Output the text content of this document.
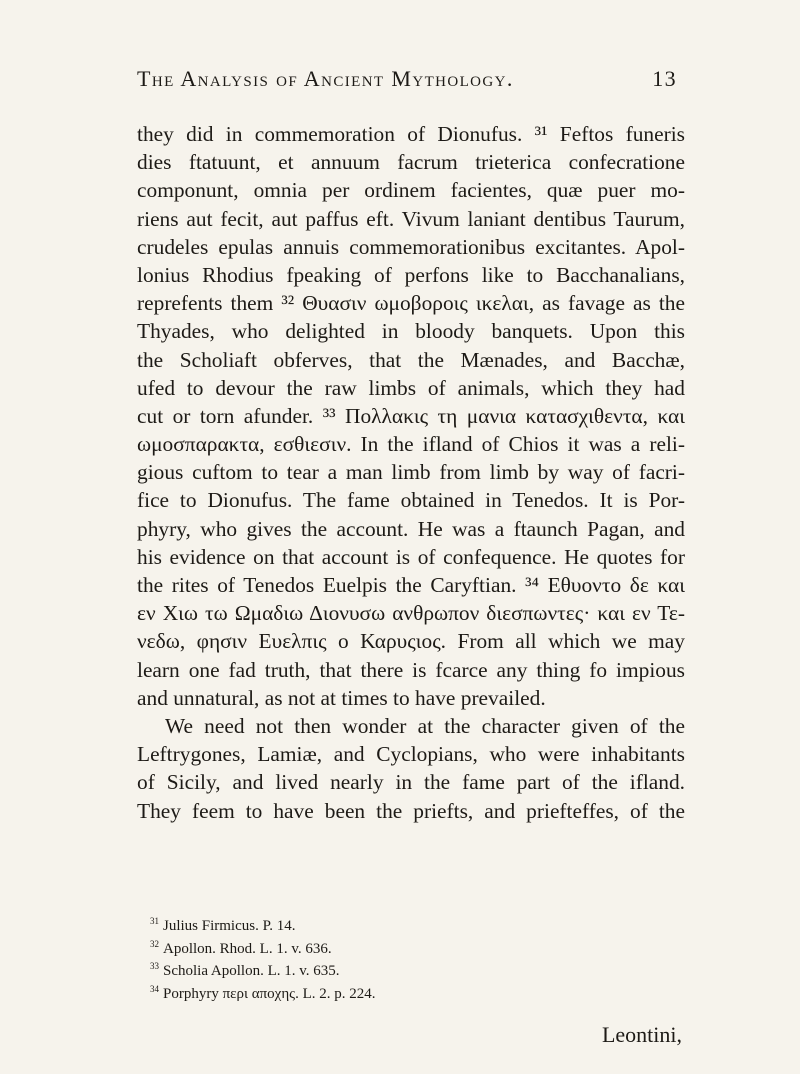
The Analysis of Ancient Mythology.	13
they did in commemoration of Dionufus. ³¹ Feftos funeris
dies ftatuunt, et annuum facrum trieterica confecratione
componunt, omnia per ordinem facientes, quæ puer mo-
riens aut fecit, aut paffus eft. Vivum laniant dentibus Taurum,
crudeles epulas annuis commemorationibus excitantes. Apol-
lonius Rhodius fpeaking of perfons like to Bacchanalians,
reprefents them ³² Θυασιν ωμοβοροις ικελαι, as favage as the
Thyades, who delighted in bloody banquets. Upon this
the Scholiaft obferves, that the Mænades, and Bacchæ,
ufed to devour the raw limbs of animals, which they had
cut or torn afunder. ³³ Πολλακις τη μανια κατασχιθεντα, και
ωμοσπαρακτα, εσθιεσιν. In the ifland of Chios it was a reli-
gious cuftom to tear a man limb from limb by way of facri-
fice to Dionufus. The fame obtained in Tenedos. It is Por-
phyry, who gives the account. He was a ftaunch Pagan, and
his evidence on that account is of confequence. He quotes for
the rites of Tenedos Euelpis the Caryftian. ³⁴ Εθυοντο δε και
εν Χιω τω Ωμαδιω Διονυσω ανθρωπον διεσπωντες· και εν Τε-
νεδω, φησιν Ευελπις ο Καρυςιος. From all which we may
learn one fad truth, that there is fcarce any thing fo impious
and unnatural, as not at times to have prevailed.
We need not then wonder at the character given of the
Leftrygones, Lamiæ, and Cyclopians, who were inhabitants
of Sicily, and lived nearly in the fame part of the ifland.
They feem to have been the priefts, and priefteffes, of the
$^{31}$ Julius Firmicus. P. 14.
$^{32}$ Apollon. Rhod. L. 1. v. 636.
$^{33}$ Scholia Apollon. L. 1. v. 635.
$^{34}$ Porphyry περι αποχης. L. 2. p. 224.
Leontini,
